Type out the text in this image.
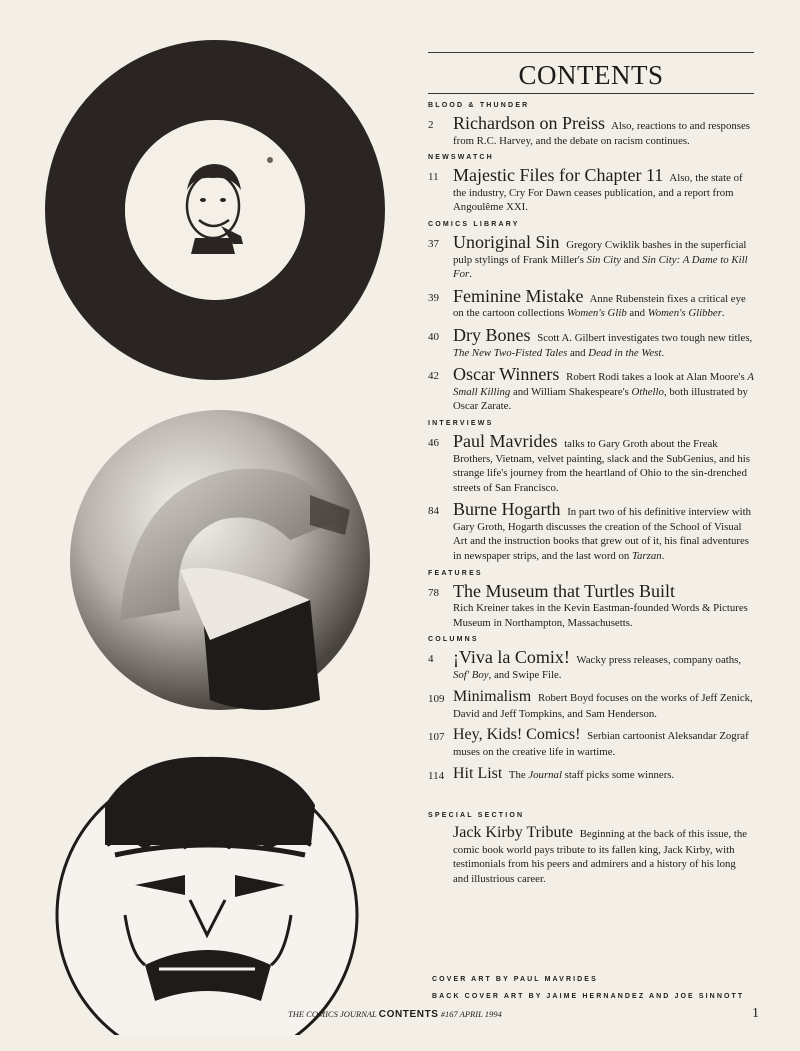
CONTENTS
BLOOD & THUNDER
2	Richardson on Preiss Also, reactions to and responses from R.C. Harvey, and the debate on racism continues.
NEWSWATCH
11 Majestic Files for Chapter 11 Also, the state of the industry, Cry For Dawn ceases publication, and a report from Angoulême XXI.
COMICS LIBRARY
37 Unoriginal Sin Gregory Cwiklik bashes in the superficial pulp stylings of Frank Miller's Sin City and Sin City: A Dame to Kill For.
39 Feminine Mistake Anne Rubenstein fixes a critical eye on the cartoon collections Women's Glib and Women's Glibber.
40 Dry Bones Scott A. Gilbert investigates two tough new titles, The New Two-Fisted Tales and Dead in the West.
42 Oscar Winners Robert Rodi takes a look at Alan Moore's A Small Killing and William Shakespeare's Othello, both illustrated by Oscar Zarate.
INTERVIEWS
46 Paul Mavrides talks to Gary Groth about the Freak Brothers, Vietnam, velvet painting, slack and the SubGenius, and his strange life's journey from the heartland of Ohio to the sin-drenched streets of San Francisco.
84 Burne Hogarth In part two of his definitive interview with Gary Groth, Hogarth discusses the creation of the School of Visual Art and the instruction books that grew out of it, his final adventures in newspaper strips, and the last word on Tarzan.
FEATURES
78 The Museum that Turtles Built
Rich Kreiner takes in the Kevin Eastman-founded Words & Pictures Museum in Northampton, Massachusetts.
COLUMNS
4	¡Viva la Comix! Wacky press releases, company oaths, Sof' Boy, and Swipe File.
109 Minimalism Robert Boyd focuses on the works of Jeff Zenick, David and Jeff Tompkins, and Sam Henderson.
107 Hey, Kids! Comics! Serbian cartoonist Aleksandar Zograf muses on the creative life in wartime.
114 Hit List The Journal staff picks some winners.
SPECIAL SECTION
Jack Kirby Tribute Beginning at the back of this issue, the comic book world pays tribute to its fallen king, Jack Kirby, with testimonials from his peers and admirers and a history of his long and illustrious career.
COVER ART BY PAUL MAVRIDES
BACK COVER ART BY JAIME HERNANDEZ AND JOE SINNOTT
THE COMICS JOURNAL CONTENTS #167 APRIL 1994	1
